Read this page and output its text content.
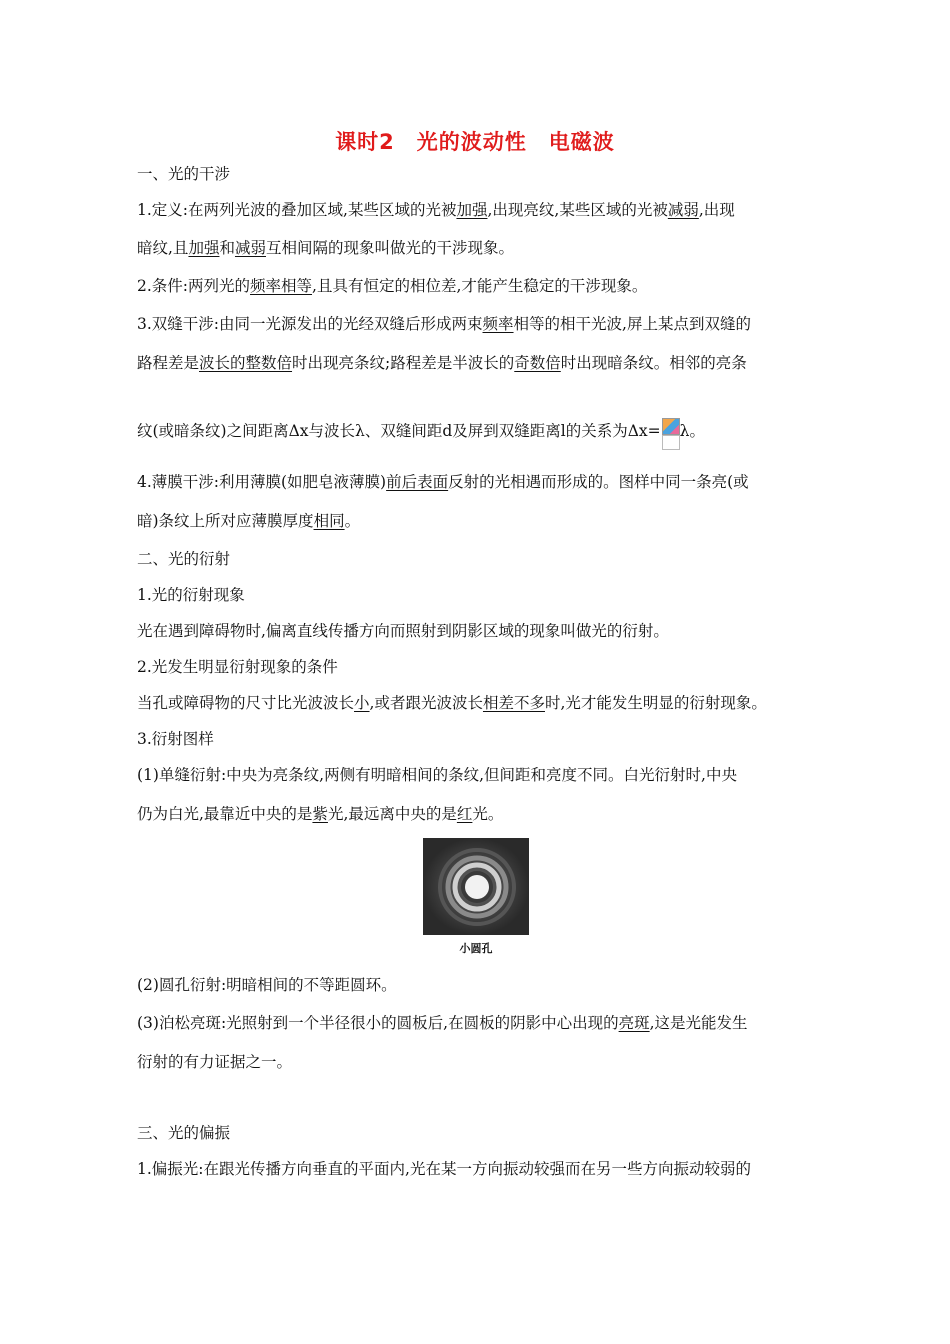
课时2　光的波动性　电磁波
一、光的干涉
1.定义:在两列光波的叠加区域,某些区域的光被加强,出现亮纹,某些区域的光被减弱,出现
暗纹,且加强和减弱互相间隔的现象叫做光的干涉现象。
2.条件:两列光的频率相等,且具有恒定的相位差,才能产生稳定的干涉现象。
3.双缝干涉:由同一光源发出的光经双缝后形成两束频率相等的相干光波,屏上某点到双缝的
路程差是波长的整数倍时出现亮条纹;路程差是半波长的奇数倍时出现暗条纹。相邻的亮条
纹(或暗条纹)之间距离Δx与波长λ、双缝间距d及屏到双缝距离l的关系为Δx= λ。
4.薄膜干涉:利用薄膜(如肥皂液薄膜)前后表面反射的光相遇而形成的。图样中同一条亮(或
暗)条纹上所对应薄膜厚度相同。
二、光的衍射
1.光的衍射现象
光在遇到障碍物时,偏离直线传播方向而照射到阴影区域的现象叫做光的衍射。
2.光发生明显衍射现象的条件
当孔或障碍物的尺寸比光波波长小,或者跟光波波长相差不多时,光才能发生明显的衍射现象。
3.衍射图样
(1)单缝衍射:中央为亮条纹,两侧有明暗相间的条纹,但间距和亮度不同。白光衍射时,中央
仍为白光,最靠近中央的是紫光,最远离中央的是红光。
小圆孔
(2)圆孔衍射:明暗相间的不等距圆环。
(3)泊松亮斑:光照射到一个半径很小的圆板后,在圆板的阴影中心出现的亮斑,这是光能发生
衍射的有力证据之一。
三、光的偏振
1.偏振光:在跟光传播方向垂直的平面内,光在某一方向振动较强而在另一些方向振动较弱的
